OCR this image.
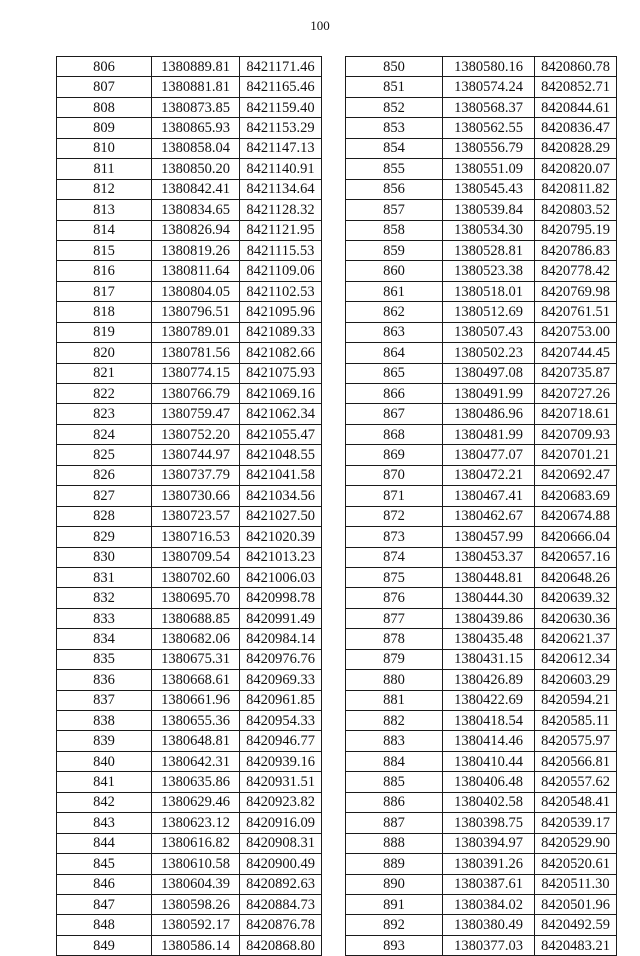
100
806	1380889.81	8421171.46
807	1380881.81	8421165.46
808	1380873.85	8421159.40
809	1380865.93	8421153.29
810	1380858.04	8421147.13
811	1380850.20	8421140.91
812	1380842.41	8421134.64
813	1380834.65	8421128.32
814	1380826.94	8421121.95
815	1380819.26	8421115.53
816	1380811.64	8421109.06
817	1380804.05	8421102.53
818	1380796.51	8421095.96
819	1380789.01	8421089.33
820	1380781.56	8421082.66
821	1380774.15	8421075.93
822	1380766.79	8421069.16
823	1380759.47	8421062.34
824	1380752.20	8421055.47
825	1380744.97	8421048.55
826	1380737.79	8421041.58
827	1380730.66	8421034.56
828	1380723.57	8421027.50
829	1380716.53	8421020.39
830	1380709.54	8421013.23
831	1380702.60	8421006.03
832	1380695.70	8420998.78
833	1380688.85	8420991.49
834	1380682.06	8420984.14
835	1380675.31	8420976.76
836	1380668.61	8420969.33
837	1380661.96	8420961.85
838	1380655.36	8420954.33
839	1380648.81	8420946.77
840	1380642.31	8420939.16
841	1380635.86	8420931.51
842	1380629.46	8420923.82
843	1380623.12	8420916.09
844	1380616.82	8420908.31
845	1380610.58	8420900.49
846	1380604.39	8420892.63
847	1380598.26	8420884.73
848	1380592.17	8420876.78
849	1380586.14	8420868.80
850	1380580.16	8420860.78
851	1380574.24	8420852.71
852	1380568.37	8420844.61
853	1380562.55	8420836.47
854	1380556.79	8420828.29
855	1380551.09	8420820.07
856	1380545.43	8420811.82
857	1380539.84	8420803.52
858	1380534.30	8420795.19
859	1380528.81	8420786.83
860	1380523.38	8420778.42
861	1380518.01	8420769.98
862	1380512.69	8420761.51
863	1380507.43	8420753.00
864	1380502.23	8420744.45
865	1380497.08	8420735.87
866	1380491.99	8420727.26
867	1380486.96	8420718.61
868	1380481.99	8420709.93
869	1380477.07	8420701.21
870	1380472.21	8420692.47
871	1380467.41	8420683.69
872	1380462.67	8420674.88
873	1380457.99	8420666.04
874	1380453.37	8420657.16
875	1380448.81	8420648.26
876	1380444.30	8420639.32
877	1380439.86	8420630.36
878	1380435.48	8420621.37
879	1380431.15	8420612.34
880	1380426.89	8420603.29
881	1380422.69	8420594.21
882	1380418.54	8420585.11
883	1380414.46	8420575.97
884	1380410.44	8420566.81
885	1380406.48	8420557.62
886	1380402.58	8420548.41
887	1380398.75	8420539.17
888	1380394.97	8420529.90
889	1380391.26	8420520.61
890	1380387.61	8420511.30
891	1380384.02	8420501.96
892	1380380.49	8420492.59
893	1380377.03	8420483.21
